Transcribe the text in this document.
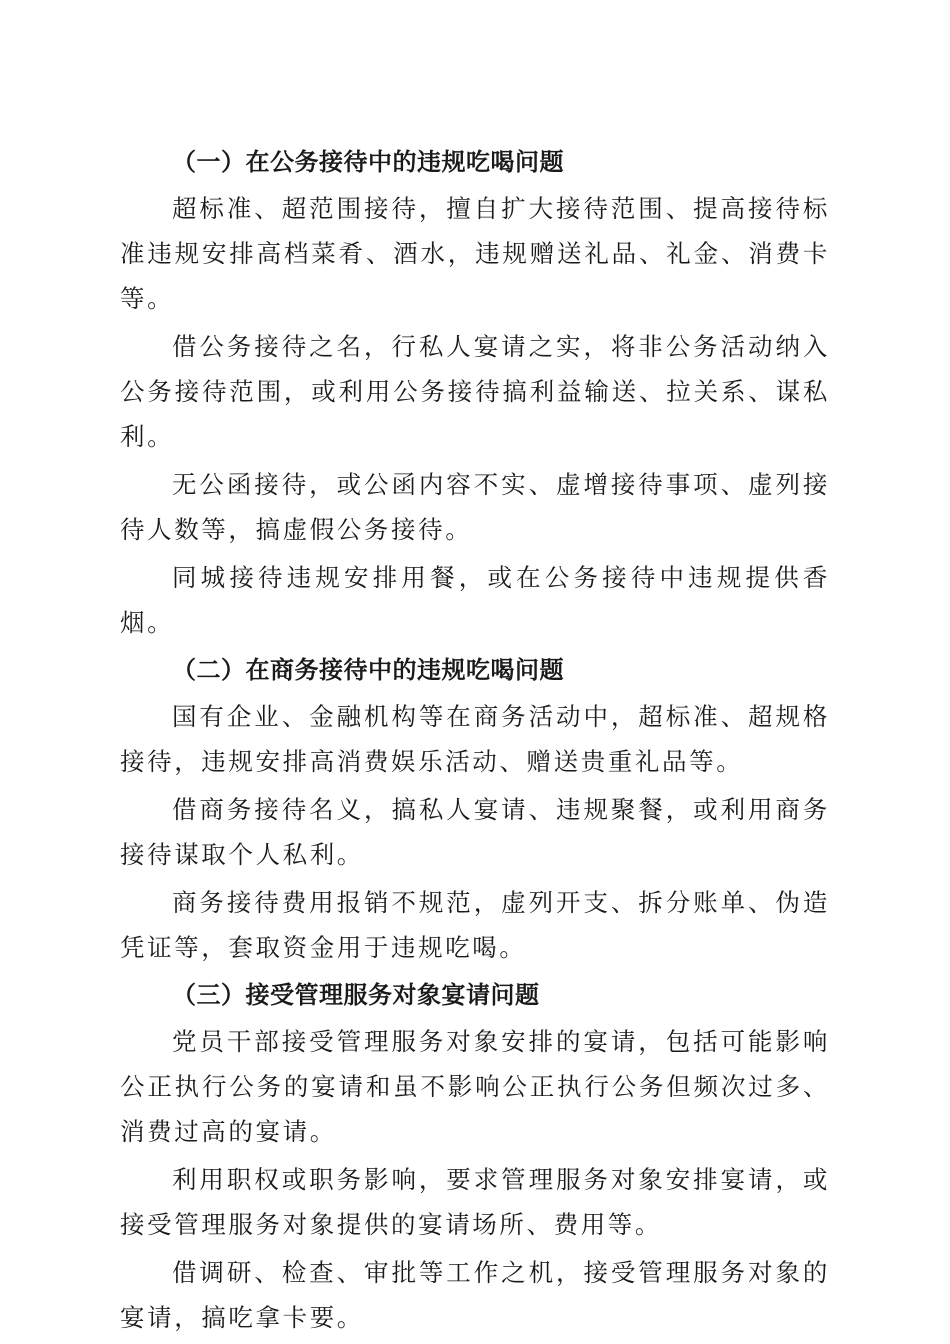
（一）在公务接待中的违规吃喝问题

超标准、超范围接待，擅自扩大接待范围、提高接待标准违规安排高档菜肴、酒水，违规赠送礼品、礼金、消费卡等。

借公务接待之名，行私人宴请之实，将非公务活动纳入公务接待范围，或利用公务接待搞利益输送、拉关系、谋私利。

无公函接待，或公函内容不实、虚增接待事项、虚列接待人数等，搞虚假公务接待。

同城接待违规安排用餐，或在公务接待中违规提供香烟。

（二）在商务接待中的违规吃喝问题

国有企业、金融机构等在商务活动中，超标准、超规格接待，违规安排高消费娱乐活动、赠送贵重礼品等。

借商务接待名义，搞私人宴请、违规聚餐，或利用商务接待谋取个人私利。

商务接待费用报销不规范，虚列开支、拆分账单、伪造凭证等，套取资金用于违规吃喝。

（三）接受管理服务对象宴请问题

党员干部接受管理服务对象安排的宴请，包括可能影响公正执行公务的宴请和虽不影响公正执行公务但频次过多、消费过高的宴请。

利用职权或职务影响，要求管理服务对象安排宴请，或接受管理服务对象提供的宴请场所、费用等。

借调研、检查、审批等工作之机，接受管理服务对象的宴请，搞吃拿卡要。
